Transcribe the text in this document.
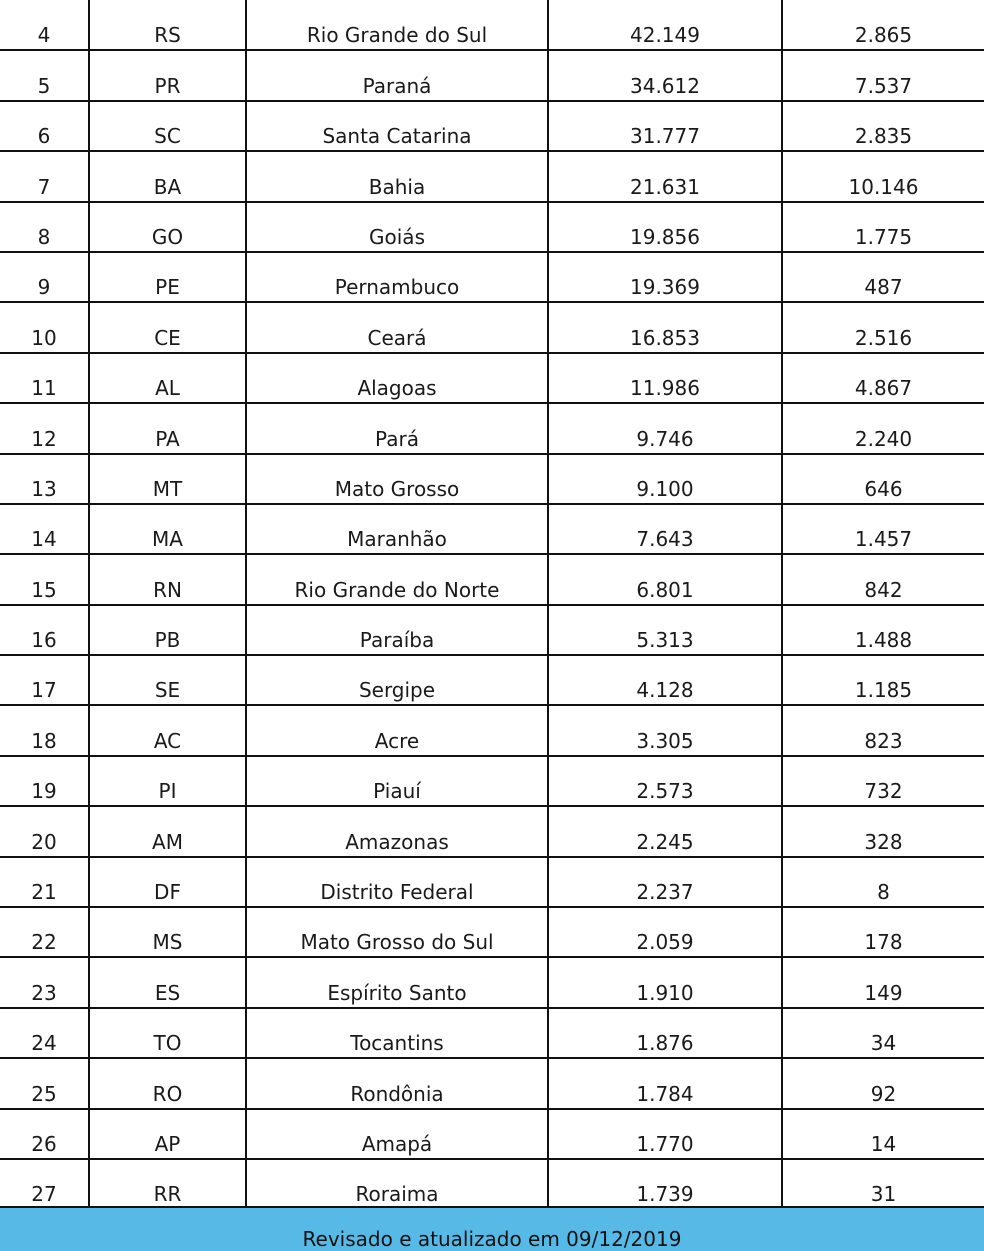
4	RS	Rio Grande do Sul	42.149	2.865
5	PR	Paraná	34.612	7.537
6	SC	Santa Catarina	31.777	2.835
7	BA	Bahia	21.631	10.146
8	GO	Goiás	19.856	1.775
9	PE	Pernambuco	19.369	487
10	CE	Ceará	16.853	2.516
11	AL	Alagoas	11.986	4.867
12	PA	Pará	9.746	2.240
13	MT	Mato Grosso	9.100	646
14	MA	Maranhão	7.643	1.457
15	RN	Rio Grande do Norte	6.801	842
16	PB	Paraíba	5.313	1.488
17	SE	Sergipe	4.128	1.185
18	AC	Acre	3.305	823
19	PI	Piauí	2.573	732
20	AM	Amazonas	2.245	328
21	DF	Distrito Federal	2.237	8
22	MS	Mato Grosso do Sul	2.059	178
23	ES	Espírito Santo	1.910	149
24	TO	Tocantins	1.876	34
25	RO	Rondônia	1.784	92
26	AP	Amapá	1.770	14
27	RR	Roraima	1.739	31
Revisado e atualizado em 09/12/2019
